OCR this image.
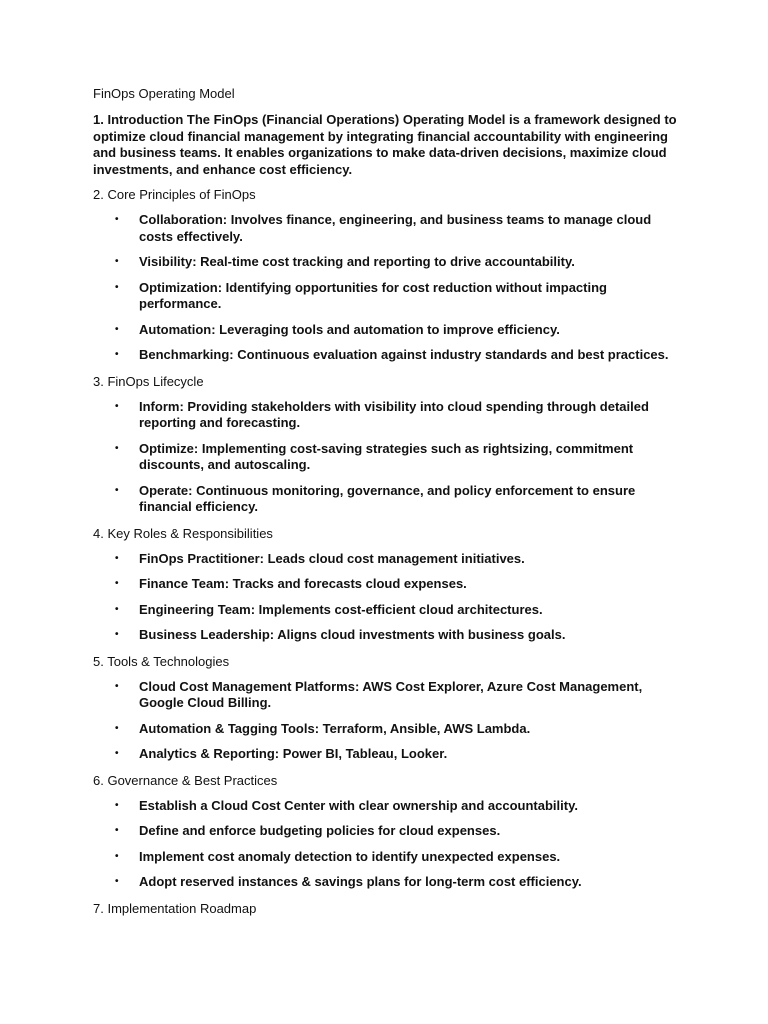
FinOps Operating Model
1. Introduction The FinOps (Financial Operations) Operating Model is a framework designed to optimize cloud financial management by integrating financial accountability with engineering and business teams. It enables organizations to make data-driven decisions, maximize cloud investments, and enhance cost efficiency.
2. Core Principles of FinOps
• Collaboration: Involves finance, engineering, and business teams to manage cloud costs effectively.
• Visibility: Real-time cost tracking and reporting to drive accountability.
• Optimization: Identifying opportunities for cost reduction without impacting performance.
• Automation: Leveraging tools and automation to improve efficiency.
• Benchmarking: Continuous evaluation against industry standards and best practices.
3. FinOps Lifecycle
• Inform: Providing stakeholders with visibility into cloud spending through detailed reporting and forecasting.
• Optimize: Implementing cost-saving strategies such as rightsizing, commitment discounts, and autoscaling.
• Operate: Continuous monitoring, governance, and policy enforcement to ensure financial efficiency.
4. Key Roles & Responsibilities
• FinOps Practitioner: Leads cloud cost management initiatives.
• Finance Team: Tracks and forecasts cloud expenses.
• Engineering Team: Implements cost-efficient cloud architectures.
• Business Leadership: Aligns cloud investments with business goals.
5. Tools & Technologies
• Cloud Cost Management Platforms: AWS Cost Explorer, Azure Cost Management, Google Cloud Billing.
• Automation & Tagging Tools: Terraform, Ansible, AWS Lambda.
• Analytics & Reporting: Power BI, Tableau, Looker.
6. Governance & Best Practices
• Establish a Cloud Cost Center with clear ownership and accountability.
• Define and enforce budgeting policies for cloud expenses.
• Implement cost anomaly detection to identify unexpected expenses.
• Adopt reserved instances & savings plans for long-term cost efficiency.
7. Implementation Roadmap
